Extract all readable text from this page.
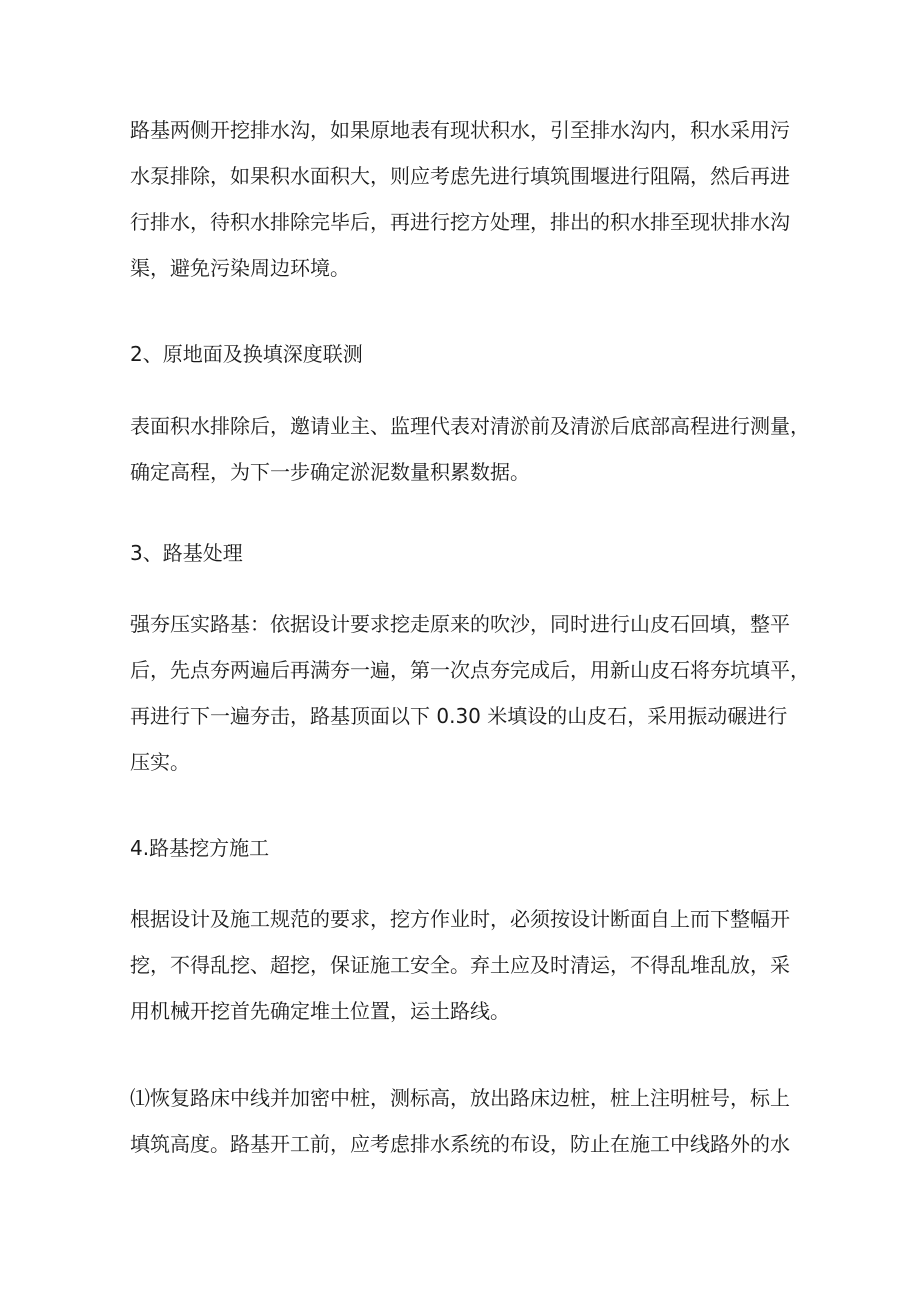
路基两侧开挖排水沟，如果原地表有现状积水，引至排水沟内，积水采用污
水泵排除，如果积水面积大，则应考虑先进行填筑围堰进行阻隔，然后再进
行排水，待积水排除完毕后，再进行挖方处理，排出的积水排至现状排水沟
渠，避免污染周边环境。

2、原地面及换填深度联测

表面积水排除后，邀请业主、监理代表对清淤前及清淤后底部高程进行测量，
确定高程，为下一步确定淤泥数量积累数据。

3、路基处理

强夯压实路基：依据设计要求挖走原来的吹沙，同时进行山皮石回填，整平
后，先点夯两遍后再满夯一遍，第一次点夯完成后，用新山皮石将夯坑填平，
再进行下一遍夯击，路基顶面以下 0.30 米填设的山皮石，采用振动碾进行
压实。

4.路基挖方施工

根据设计及施工规范的要求，挖方作业时，必须按设计断面自上而下整幅开
挖，不得乱挖、超挖，保证施工安全。弃土应及时清运，不得乱堆乱放，采
用机械开挖首先确定堆土位置，运土路线。

⑴恢复路床中线并加密中桩，测标高，放出路床边桩，桩上注明桩号，标上
填筑高度。路基开工前，应考虑排水系统的布设，防止在施工中线路外的水
